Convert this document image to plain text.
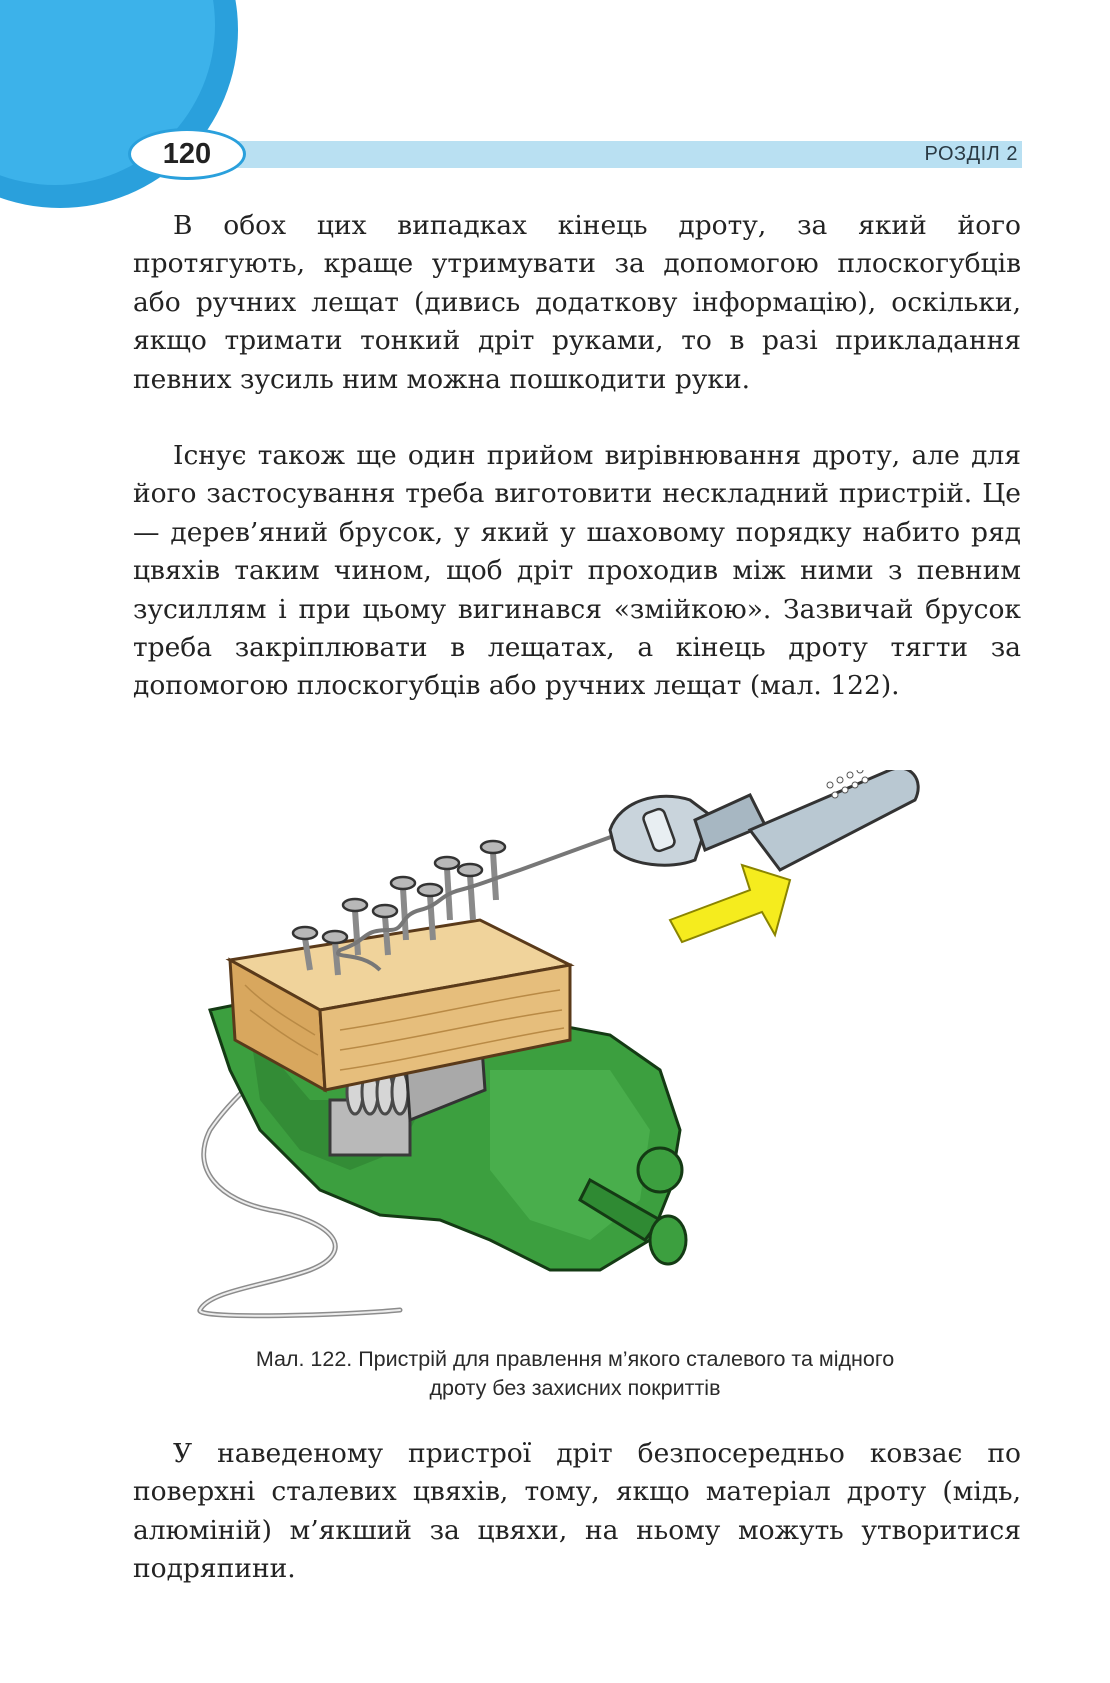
РОЗДІЛ 2
120

В обох цих випадках кінець дроту, за який його протягують, краще утримувати за допомогою плоскогубців або ручних лещат (дивись додаткову інформацію), оскільки, якщо тримати тонкий дріт руками, то в разі прикладання певних зусиль ним можна пошкодити руки.

Існує також ще один прийом вирівнювання дроту, але для його застосування треба виготовити нескладний пристрій. Це — дерев’яний брусок, у який у шаховому порядку набито ряд цвяхів таким чином, щоб дріт проходив між ними з певним зусиллям і при цьому вигинався «змійкою». Зазвичай брусок треба закріплювати в лещатах, а кінець дроту тягти за допомогою плоскогубців або ручних лещат (мал. 122).

Мал. 122. Пристрій для правлення м’якого сталевого та мідного
дроту без захисних покриттів

У наведеному пристрої дріт безпосередньо ковзає по поверхні сталевих цвяхів, тому, якщо матеріал дроту (мідь, алюміній) м’якший за цвяхи, на ньому можуть утворитися подряпини.
